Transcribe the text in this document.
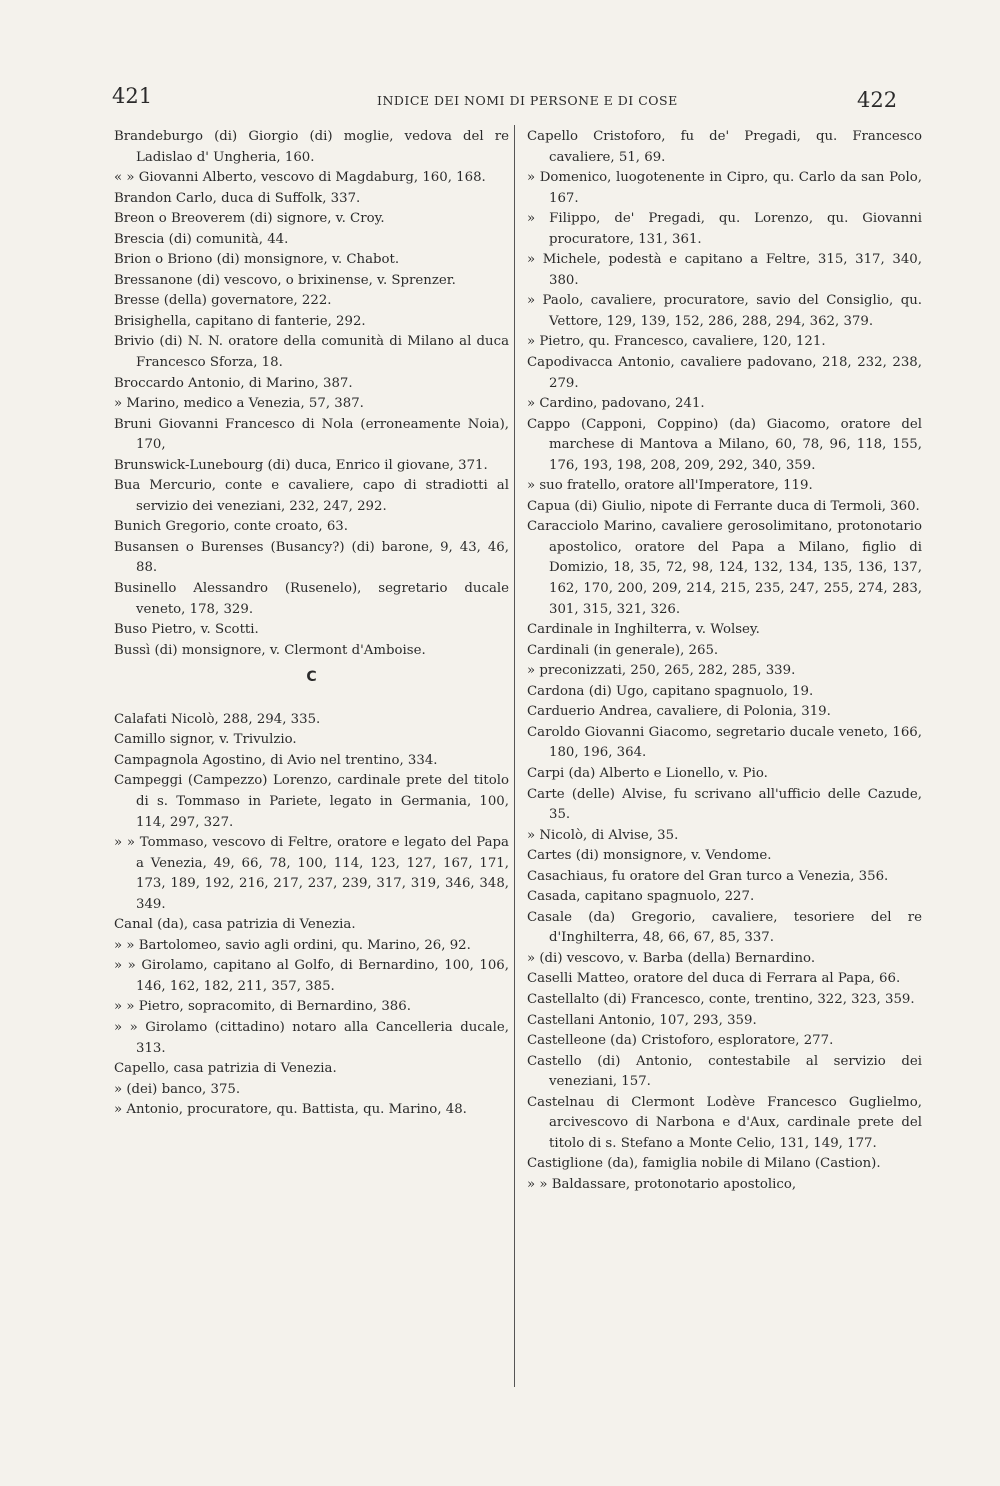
421	INDICE DEI NOMI DI PERSONE E DI COSE	422

Brandeburgo (di) Giorgio (di) moglie, vedova del re Ladislao d' Ungheria, 160.

« » Giovanni Alberto, vescovo di Magdaburg, 160, 168.

Brandon Carlo, duca di Suffolk, 337.

Breon o Breoverem (di) signore, v. Croy.

Brescia (di) comunità, 44.

Brion o Briono (di) monsignore, v. Chabot.

Bressanone (di) vescovo, o brixinense, v. Sprenzer.

Bresse (della) governatore, 222.

Brisighella, capitano di fanterie, 292.

Brivio (di) N. N. oratore della comunità di Milano al duca Francesco Sforza, 18.

Broccardo Antonio, di Marino, 387.

» Marino, medico a Venezia, 57, 387.

Bruni Giovanni Francesco di Nola (erroneamente Noia), 170,

Brunswick-Lunebourg (di) duca, Enrico il giovane, 371.

Bua Mercurio, conte e cavaliere, capo di stradiotti al servizio dei veneziani, 232, 247, 292.

Bunich Gregorio, conte croato, 63.

Busansen o Burenses (Busancy?) (di) barone, 9, 43, 46, 88.

Businello Alessandro (Rusenelo), segretario ducale veneto, 178, 329.

Buso Pietro, v. Scotti.

Bussì (di) monsignore, v. Clermont d'Amboise.

C

Calafati Nicolò, 288, 294, 335.

Camillo signor, v. Trivulzio.

Campagnola Agostino, di Avio nel trentino, 334.

Campeggi (Campezzo) Lorenzo, cardinale prete del titolo di s. Tommaso in Pariete, legato in Germania, 100, 114, 297, 327.

» » Tommaso, vescovo di Feltre, oratore e legato del Papa a Venezia, 49, 66, 78, 100, 114, 123, 127, 167, 171, 173, 189, 192, 216, 217, 237, 239, 317, 319, 346, 348, 349.

Canal (da), casa patrizia di Venezia.

» » Bartolomeo, savio agli ordini, qu. Marino, 26, 92.

» » Girolamo, capitano al Golfo, di Bernardino, 100, 106, 146, 162, 182, 211, 357, 385.

» » Pietro, sopracomito, di Bernardino, 386.

» » Girolamo (cittadino) notaro alla Cancelleria ducale, 313.

Capello, casa patrizia di Venezia.

» (dei) banco, 375.

» Antonio, procuratore, qu. Battista, qu. Marino, 48.

Capello Cristoforo, fu de' Pregadi, qu. Francesco cavaliere, 51, 69.

» Domenico, luogotenente in Cipro, qu. Carlo da san Polo, 167.

» Filippo, de' Pregadi, qu. Lorenzo, qu. Giovanni procuratore, 131, 361.

» Michele, podestà e capitano a Feltre, 315, 317, 340, 380.

» Paolo, cavaliere, procuratore, savio del Consiglio, qu. Vettore, 129, 139, 152, 286, 288, 294, 362, 379.

» Pietro, qu. Francesco, cavaliere, 120, 121.

Capodivacca Antonio, cavaliere padovano, 218, 232, 238, 279.

» Cardino, padovano, 241.

Cappo (Capponi, Coppino) (da) Giacomo, oratore del marchese di Mantova a Milano, 60, 78, 96, 118, 155, 176, 193, 198, 208, 209, 292, 340, 359.

» suo fratello, oratore all'Imperatore, 119.

Capua (di) Giulio, nipote di Ferrante duca di Termoli, 360.

Caracciolo Marino, cavaliere gerosolimitano, protonotario apostolico, oratore del Papa a Milano, figlio di Domizio, 18, 35, 72, 98, 124, 132, 134, 135, 136, 137, 162, 170, 200, 209, 214, 215, 235, 247, 255, 274, 283, 301, 315, 321, 326.

Cardinale in Inghilterra, v. Wolsey.

Cardinali (in generale), 265.

» preconizzati, 250, 265, 282, 285, 339.

Cardona (di) Ugo, capitano spagnuolo, 19.

Carduerio Andrea, cavaliere, di Polonia, 319.

Caroldo Giovanni Giacomo, segretario ducale veneto, 166, 180, 196, 364.

Carpi (da) Alberto e Lionello, v. Pio.

Carte (delle) Alvise, fu scrivano all'ufficio delle Cazude, 35.

» Nicolò, di Alvise, 35.

Cartes (di) monsignore, v. Vendome.

Casachiaus, fu oratore del Gran turco a Venezia, 356.

Casada, capitano spagnuolo, 227.

Casale (da) Gregorio, cavaliere, tesoriere del re d'Inghilterra, 48, 66, 67, 85, 337.

» (di) vescovo, v. Barba (della) Bernardino.

Caselli Matteo, oratore del duca di Ferrara al Papa, 66.

Castellalto (di) Francesco, conte, trentino, 322, 323, 359.

Castellani Antonio, 107, 293, 359.

Castelleone (da) Cristoforo, esploratore, 277.

Castello (di) Antonio, contestabile al servizio dei veneziani, 157.

Castelnau di Clermont Lodève Francesco Guglielmo, arcivescovo di Narbona e d'Aux, cardinale prete del titolo di s. Stefano a Monte Celio, 131, 149, 177.

Castiglione (da), famiglia nobile di Milano (Castion).

» » Baldassare, protonotario apostolico,
